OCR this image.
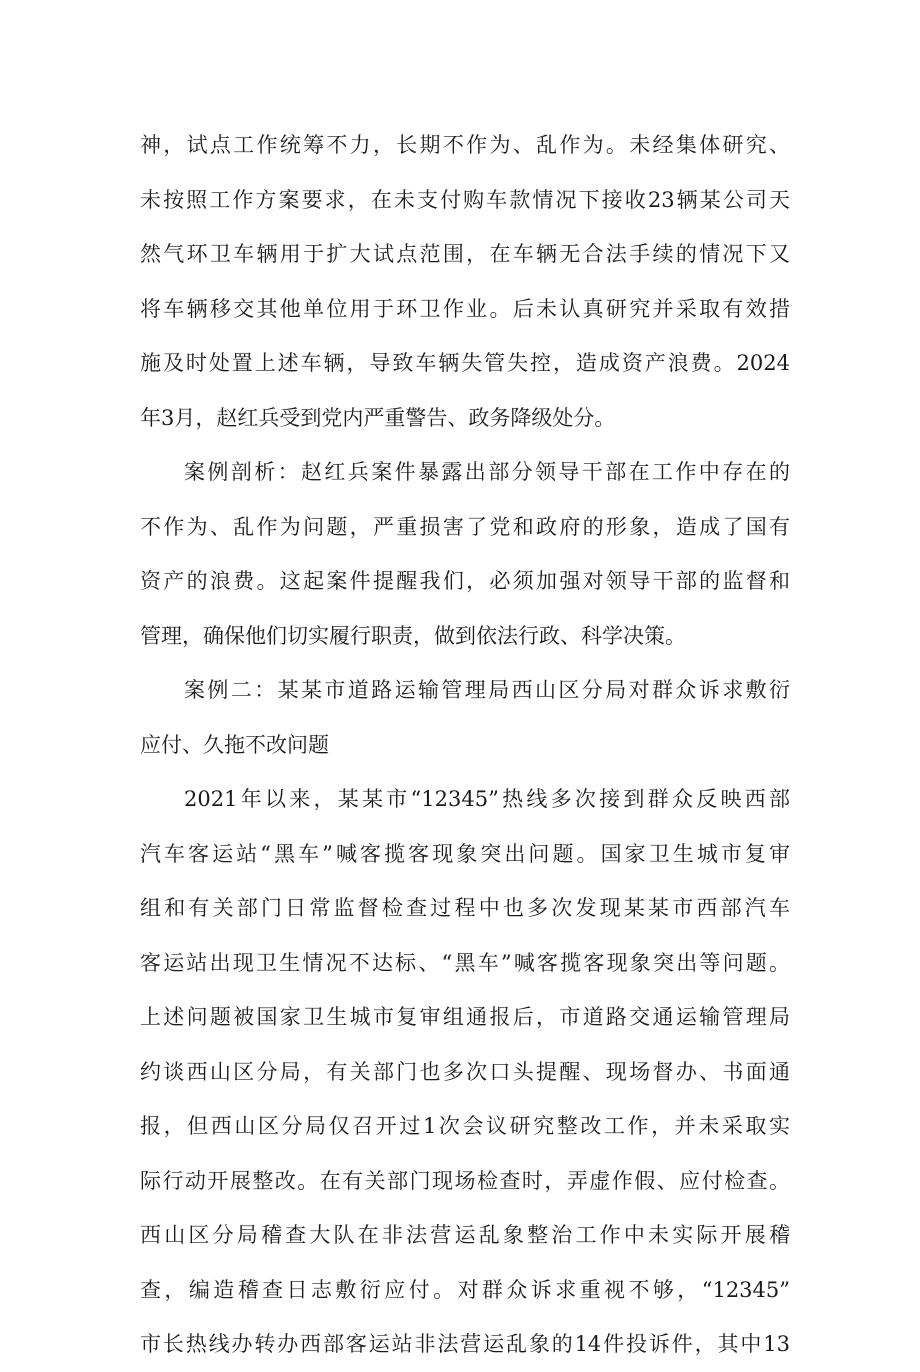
神，试点工作统筹不力，长期不作为、乱作为。未经集体研究、
未按照工作方案要求，在未支付购车款情况下接收23辆某公司天
然气环卫车辆用于扩大试点范围，在车辆无合法手续的情况下又
将车辆移交其他单位用于环卫作业。后未认真研究并采取有效措
施及时处置上述车辆，导致车辆失管失控，造成资产浪费。2024
年3月，赵红兵受到党内严重警告、政务降级处分。
案例剖析：赵红兵案件暴露出部分领导干部在工作中存在的
不作为、乱作为问题，严重损害了党和政府的形象，造成了国有
资产的浪费。这起案件提醒我们，必须加强对领导干部的监督和
管理，确保他们切实履行职责，做到依法行政、科学决策。
案例二：某某市道路运输管理局西山区分局对群众诉求敷衍
应付、久拖不改问题
2021年以来，某某市“12345”热线多次接到群众反映西部
汽车客运站“黑车”喊客揽客现象突出问题。国家卫生城市复审
组和有关部门日常监督检查过程中也多次发现某某市西部汽车
客运站出现卫生情况不达标、“黑车”喊客揽客现象突出等问题。
上述问题被国家卫生城市复审组通报后，市道路交通运输管理局
约谈西山区分局，有关部门也多次口头提醒、现场督办、书面通
报，但西山区分局仅召开过1次会议研究整改工作，并未采取实
际行动开展整改。在有关部门现场检查时，弄虚作假、应付检查。
西山区分局稽查大队在非法营运乱象整治工作中未实际开展稽
查，编造稽查日志敷衍应付。对群众诉求重视不够，“12345”
市长热线办转办西部客运站非法营运乱象的14件投诉件，其中13
